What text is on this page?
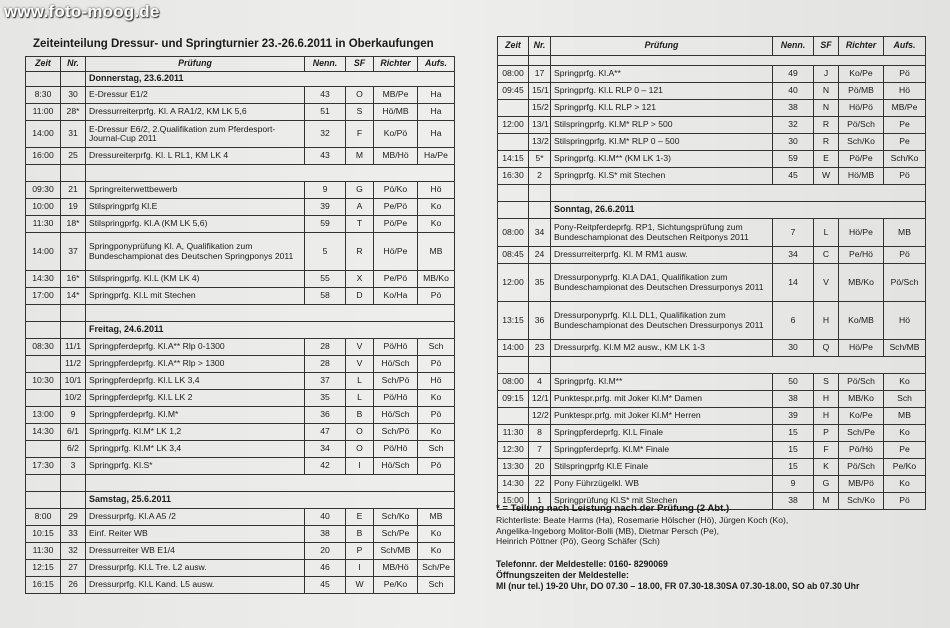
www.foto-moog.de
Zeiteinteilung Dressur- und Springturnier 23.-26.6.2011 in Oberkaufungen
Zeit	Nr.	Prüfung	Nenn.	SF	Richter	Aufs.
		Donnerstag, 23.6.2011				
8:30	30	E-Dressur E1/2	43	O	MB/Pe	Ha
11:00	28*	Dressurreiterprfg. Kl. A RA1/2, KM LK 5,6	51	S	Hö/MB	Ha
14:00	31	E-Dressur E6/2, 2.Qualifikation zum Pferdesport-Journal-Cup 2011	32	F	Ko/Pö	Ha
16:00	25	Dressureiterprfg. Kl. L RL1, KM LK 4	43	M	MB/Hö	Ha/Pe

09:30	21	Springreiterwettbewerb	9	G	Pö/Ko	Hö
10:00	19	Stilspringprfg Kl.E	39	A	Pe/Pö	Ko
11:30	18*	Stilspringprfg. Kl.A (KM LK 5,6)	59	T	Pö/Pe	Ko
14:00	37	Springponyprüfung Kl. A, Qualifikation zum Bundeschampionat des Deutschen Springponys 2011	5	R	Hö/Pe	MB
14:30	16*	Stilspringprfg. Kl.L (KM LK 4)	55	X	Pe/Pö	MB/Ko
17:00	14*	Springprfg. Kl.L mit Stechen	58	D	Ko/Ha	Pö

		Freitag, 24.6.2011				
08:30	11/1	Springpferdeprfg. Kl.A** Rlp 0-1300	28	V	Pö/Hö	Sch
	11/2	Springpferdeprfg. Kl.A** Rlp > 1300	28	V	Hö/Sch	Pö
10:30	10/1	Springpferdeprfg. Kl.L LK 3,4	37	L	Sch/Pö	Hö
	10/2	Springpferdeprfg. Kl.L LK 2	35	L	Pö/Hö	Ko
13:00	9	Springpferdeprfg. Kl.M*	36	B	Hö/Sch	Pö
14:30	6/1	Springprfg. Kl.M* LK 1,2	47	O	Sch/Pö	Ko
	6/2	Springprfg. Kl.M* LK 3,4	34	O	Pö/Hö	Sch
17:30	3	Springprfg. Kl.S*	42	I	Hö/Sch	Pö

		Samstag, 25.6.2011				
8:00	29	Dressurprfg. Kl.A A5 /2	40	E	Sch/Ko	MB
10:15	33	Einf. Reiter WB	38	B	Sch/Pe	Ko
11:30	32	Dressurreiter WB E1/4	20	P	Sch/MB	Ko
12:15	27	Dressurprfg. Kl.L Tre. L2 ausw.	46	I	MB/Hö	Sch/Pe
16:15	26	Dressurprfg. Kl.L Kand. L5 ausw.	45	W	Pe/Ko	Sch
Zeit	Nr.	Prüfung	Nenn.	SF	Richter	Aufs.

08:00	17	Springprfg. Kl.A**	49	J	Ko/Pe	Pö
09:45	15/1	Springprfg. Kl.L RLP 0 – 121	40	N	Pö/MB	Hö
	15/2	Springprfg. Kl.L RLP > 121	38	N	Hö/Pö	MB/Pe
12:00	13/1	Stilspringprfg. Kl.M* RLP > 500	32	R	Pö/Sch	Pe
	13/2	Stilspringprfg. Kl.M* RLP 0 – 500	30	R	Sch/Ko	Pe
14:15	5*	Springprfg. Kl.M** (KM LK 1-3)	59	E	Pö/Pe	Sch/Ko
16:30	2	Springprfg. Kl.S* mit Stechen	45	W	Hö/MB	Pö

		Sonntag, 26.6.2011				
08:00	34	Pony-Reitpferdeprfg. RP1, Sichtungsprüfung zum Bundeschampionat des Deutschen Reitponys 2011	7	L	Hö/Pe	MB
08:45	24	Dressurreiterprfg. Kl. M RM1 ausw.	34	C	Pe/Hö	Pö
12:00	35	Dressurponyprfg. Kl.A DA1, Qualifikation zum Bundeschampionat des Deutschen Dressurponys 2011	14	V	MB/Ko	Pö/Sch
13:15	36	Dressurponyprfg. Kl.L DL1, Qualifikation zum Bundeschampionat des Deutschen Dressurponys 2011	6	H	Ko/MB	Hö
14:00	23	Dressurprfg. Kl.M M2 ausw., KM LK 1-3	30	Q	Hö/Pe	Sch/MB

08:00	4	Springprfg. Kl.M**	50	S	Pö/Sch	Ko
09:15	12/1	Punktespr.prfg. mit Joker Kl.M* Damen	38	H	MB/Ko	Sch
	12/2	Punktespr.prfg. mit Joker Kl.M* Herren	39	H	Ko/Pe	MB
11:30	8	Springpferdeprfg. Kl.L Finale	15	P	Sch/Pe	Ko
12:30	7	Springpferdeprfg. Kl.M* Finale	15	F	Pö/Hö	Pe
13:30	20	Stilspringprfg Kl.E Finale	15	K	Pö/Sch	Pe/Ko
14:30	22	Pony Führzügelkl. WB	9	G	MB/Pö	Ko
15:00	1	Springprüfung Kl.S* mit Stechen	38	M	Sch/Ko	Pö
* = Teilung nach Leistung nach der Prüfung (2 Abt.)
Richterliste: Beate Harms (Ha), Rosemarie Hölscher (Hö), Jürgen Koch (Ko),
Angelika-Ingeborg Molitor-Bolli (MB), Dietmar Persch (Pe),
Heinrich Pöttner (Pö), Georg Schäfer (Sch)
Telefonnr. der Meldestelle: 0160- 8290069
Öffnungszeiten der Meldestelle:
MI (nur tel.) 19-20 Uhr, DO 07.30 – 18.00, FR 07.30-18.30SA 07.30-18.00, SO ab 07.30 Uhr
